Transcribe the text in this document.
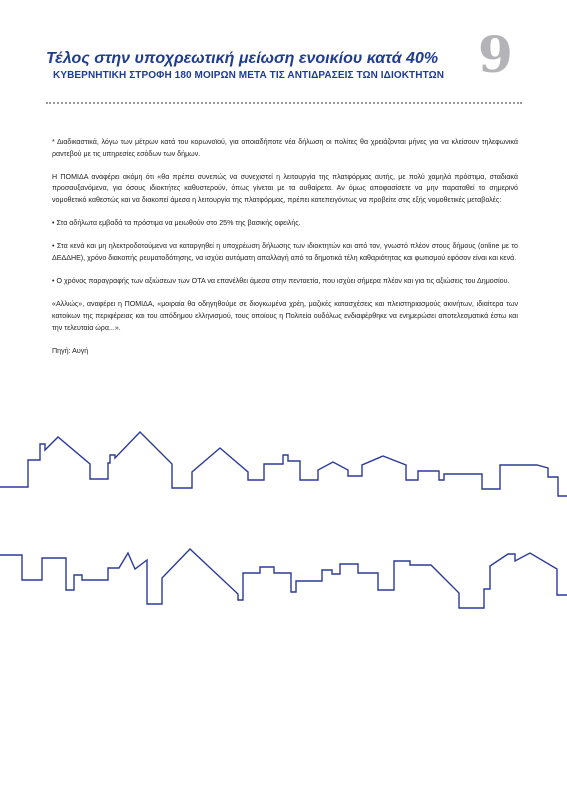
Τέλος στην υποχρεωτική μείωση ενοικίου κατά 40%
ΚΥΒΕΡΝΗΤΙΚΗ ΣΤΡΟΦΗ 180 ΜΟΙΡΩΝ ΜΕΤΑ ΤΙΣ ΑΝΤΙΔΡΑΣΕΙΣ ΤΩΝ ΙΔΙΟΚΤΗΤΩΝ 9

* Διαδικαστικά, λόγω των μέτρων κατά του κορωνοϊού, για οποιαδήποτε νέα δήλωση οι πολίτες θα χρειάζονται μήνες για να κλείσουν τηλεφωνικά ραντεβού με τις υπηρεσίες εσόδων των δήμων.

Η ΠΟΜΙΔΑ αναφέρει ακόμη ότι «θα πρέπει συνεπώς να συνεχιστεί η λειτουργία της πλατφόρμας αυτής, με πολύ χαμηλά πρόστιμα, σταδιακά προσαυξανόμενα, για όσους ιδιοκτήτες καθυστερούν, όπως γίνεται με τα αυθαίρετα. Αν όμως αποφασίσετε να μην παραταθεί το σημερινό νομοθετικό καθεστώς και να διακοπεί άμεσα η λειτουργία της πλατφόρμας, πρέπει κατεπειγόντως να προβείτε στις εξής νομοθετικές μεταβολές:

• Στα αδήλωτα εμβαδά τα πρόστιμα να μειωθούν στο 25% της βασικής οφειλής.

• Στα κενά και μη ηλεκτροδοτούμενα να καταργηθεί η υποχρέωση δήλωσης των ιδιοκτητών και από τον, γνωστό πλέον στους δήμους (online με το ΔΕΔΔΗΕ), χρόνο διακοπής ρευματοδότησης, να ισχύει αυτόματη απαλλαγή από τα δημοτικά τέλη καθαριότητας και φωτισμού εφόσον είναι και κενά.

• Ο χρόνος παραγραφής των αξιώσεων των ΟΤΑ να επανέλθει άμεσα στην πενταετία, που ισχύει σήμερα πλέον και για τις αξιώσεις του Δημοσίου.

«Αλλιώς», αναφέρει η ΠΟΜΙΔΑ, «μοιραία θα οδηγηθούμε σε διογκωμένα χρέη, μαζικές κατασχέσεις και πλειστηριασμούς ακινήτων, ιδιαίτερα των κατοίκων της περιφέρειας και του απόδημου ελληνισμού, τους οποίους η Πολιτεία ουδόλως ενδιαφέρθηκε να ενημερώσει αποτελεσματικά έστω και την τελευταία ώρα...».

Πηγή: Αυγή
